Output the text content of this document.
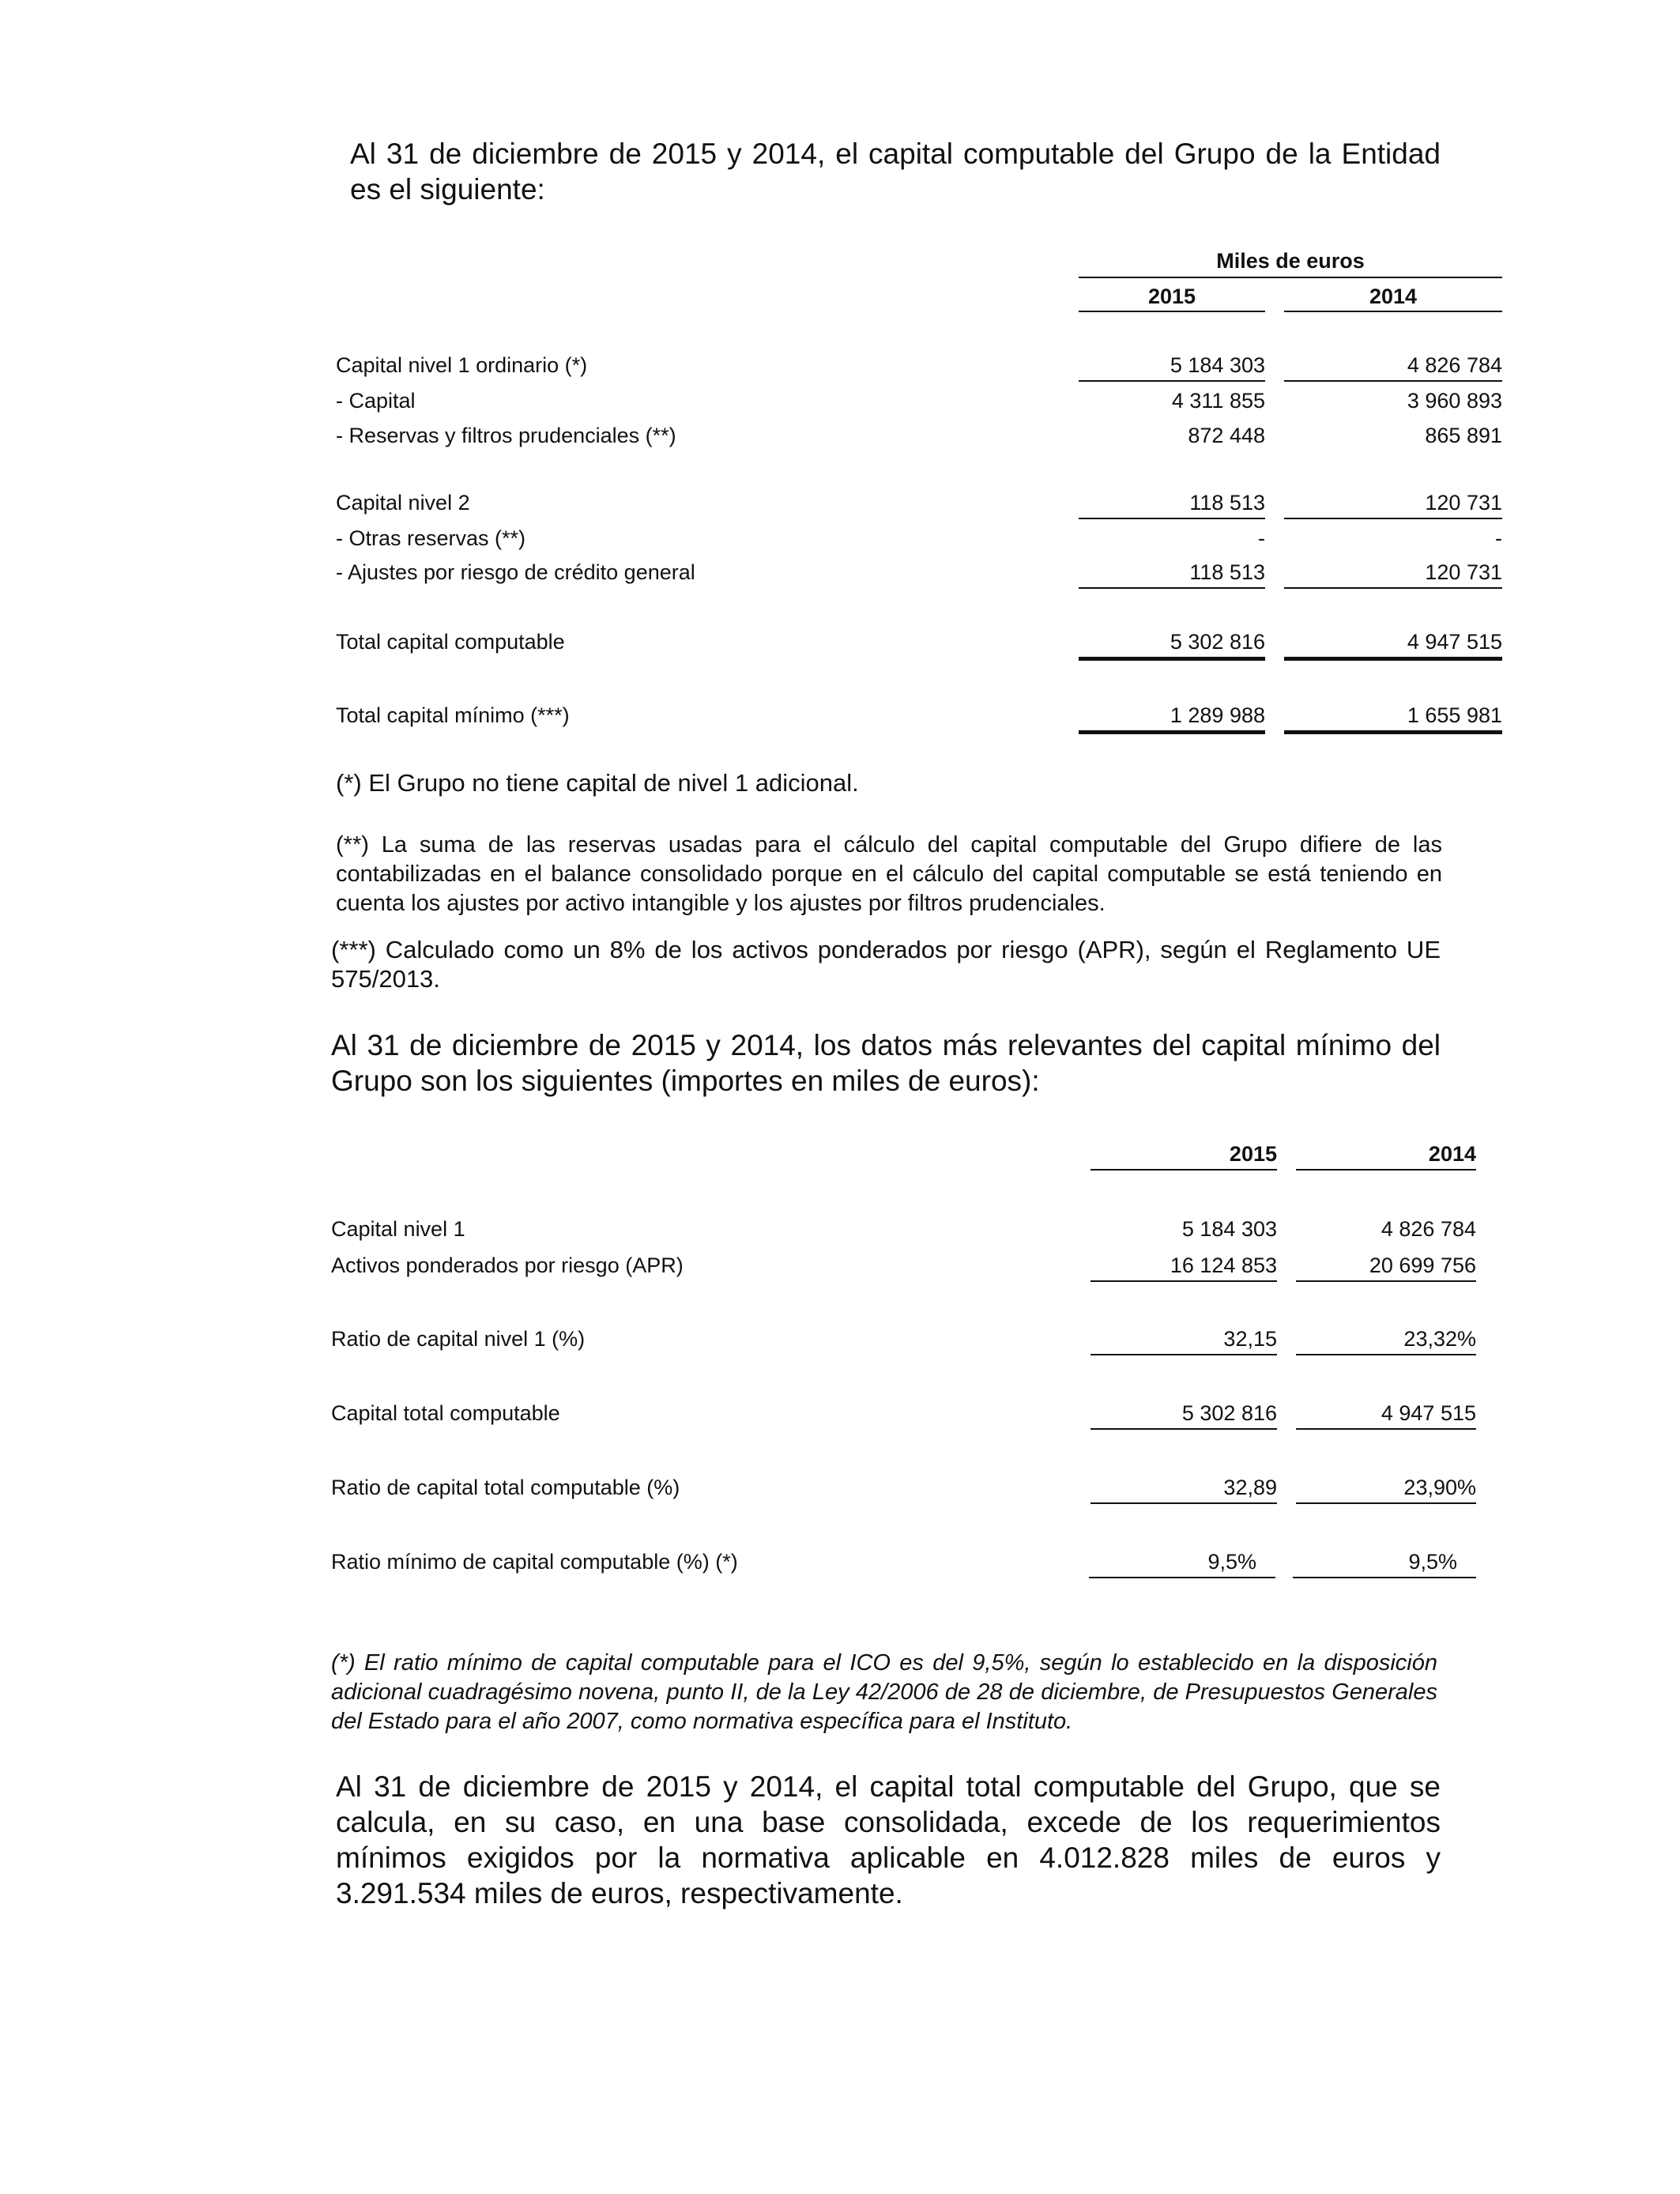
Al 31 de diciembre de 2015 y 2014, el capital computable del Grupo de la Entidad es el siguiente:

Miles de euros
2015	2014
Capital nivel 1 ordinario (*)	5 184 303	4 826 784
- Capital	4 311 855	3 960 893
- Reservas y filtros prudenciales (**)	872 448	865 891
Capital nivel 2	118 513	120 731
- Otras reservas (**)	-	-
- Ajustes por riesgo de crédito general	118 513	120 731
Total capital computable	5 302 816	4 947 515
Total capital mínimo (***)	1 289 988	1 655 981

(*) El Grupo no tiene capital de nivel 1 adicional.

(**) La suma de las reservas usadas para el cálculo del capital computable del Grupo difiere de las contabilizadas en el balance consolidado porque en el cálculo del capital computable se está teniendo en cuenta los ajustes por activo intangible y los ajustes por filtros prudenciales.

(***) Calculado como un 8% de los activos ponderados por riesgo (APR), según el Reglamento UE 575/2013.

Al 31 de diciembre de 2015 y 2014, los datos más relevantes del capital mínimo del Grupo son los siguientes (importes en miles de euros):

2015	2014
Capital nivel 1	5 184 303	4 826 784
Activos ponderados por riesgo (APR)	16 124 853	20 699 756
Ratio de capital nivel 1 (%)	32,15	23,32%
Capital total computable	5 302 816	4 947 515
Ratio de capital total computable (%)	32,89	23,90%
Ratio mínimo de capital computable (%) (*)	9,5%	9,5%

(*) El ratio mínimo de capital computable para el ICO es del 9,5%, según lo establecido en la disposición adicional cuadragésimo novena, punto II, de la Ley 42/2006 de 28 de diciembre, de Presupuestos Generales del Estado para el año 2007, como normativa específica para el Instituto.

Al 31 de diciembre de 2015 y 2014, el capital total computable del Grupo, que se calcula, en su caso, en una base consolidada, excede de los requerimientos mínimos exigidos por la normativa aplicable en 4.012.828 miles de euros y 3.291.534 miles de euros, respectivamente.
